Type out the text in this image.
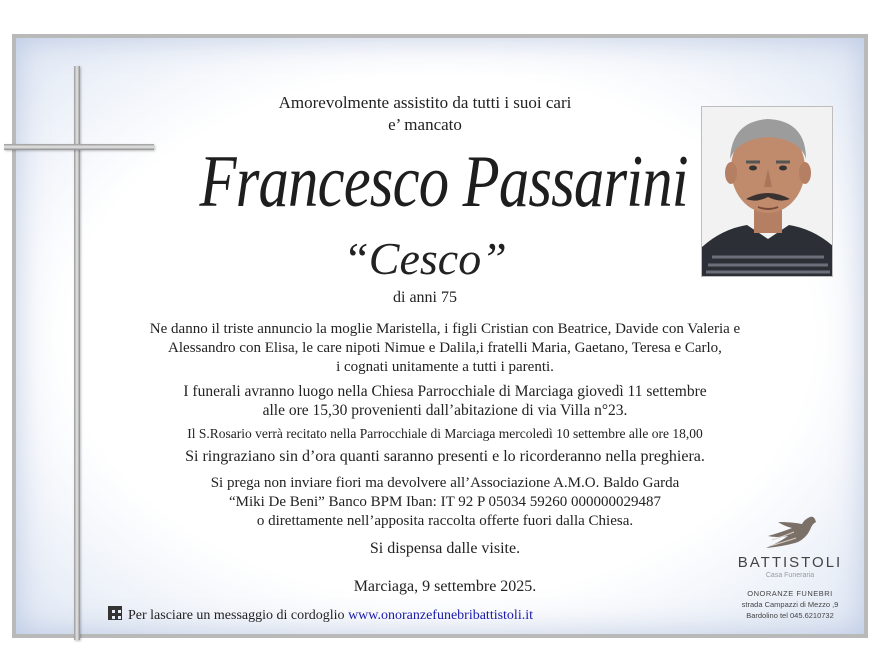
Amorevolmente assistito da tutti i suoi cari
e’ mancato
Francesco Passarini
“Cesco”
di anni 75
Ne danno il triste annuncio la moglie Maristella, i figli Cristian con Beatrice, Davide con Valeria e
Alessandro con Elisa, le care nipoti Nimue e Dalila,i fratelli Maria, Gaetano, Teresa e Carlo,
i cognati unitamente a tutti i parenti.
I funerali avranno luogo nella Chiesa Parrocchiale di Marciaga giovedì 11 settembre
alle ore 15,30 provenienti dall’abitazione di via Villa n°23.
Il S.Rosario verrà recitato nella Parrocchiale di Marciaga mercoledì 10 settembre alle ore 18,00
Si ringraziano sin d’ora quanti saranno presenti e lo ricorderanno nella preghiera.
Si prega non inviare fiori ma devolvere all’Associazione A.M.O. Baldo Garda
“Miki De Beni” Banco BPM Iban: IT 92 P 05034 59260 000000029487
o direttamente nell’apposita raccolta offerte fuori dalla Chiesa.
Si dispensa dalle visite.
Marciaga, 9 settembre 2025.
Per lasciare un messaggio di cordoglio www.onoranzefunebribattistoli.it
BATTISTOLI
Casa Funeraria
ONORANZE FUNEBRI
strada Campazzi di Mezzo ,9
Bardolino tel 045.6210732
